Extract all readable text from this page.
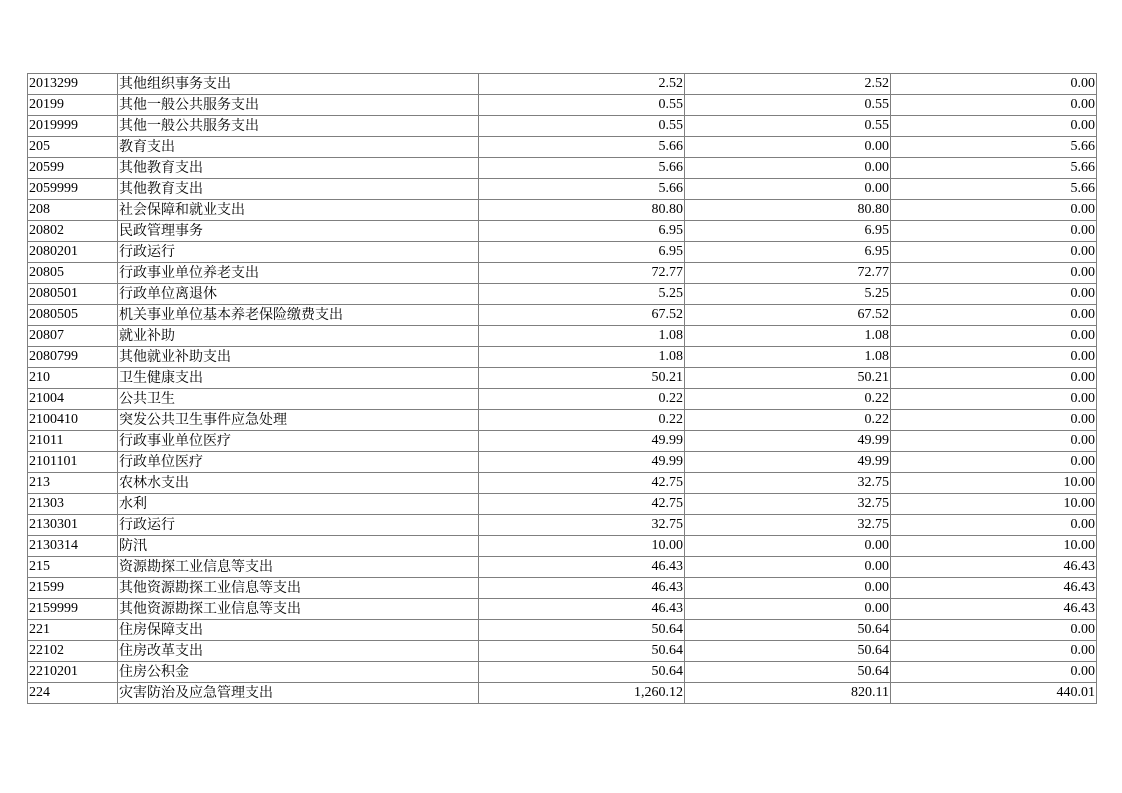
2013299	其他组织事务支出	2.52	2.52	0.00
20199	其他一般公共服务支出	0.55	0.55	0.00
2019999	其他一般公共服务支出	0.55	0.55	0.00
205	教育支出	5.66	0.00	5.66
20599	其他教育支出	5.66	0.00	5.66
2059999	其他教育支出	5.66	0.00	5.66
208	社会保障和就业支出	80.80	80.80	0.00
20802	民政管理事务	6.95	6.95	0.00
2080201	行政运行	6.95	6.95	0.00
20805	行政事业单位养老支出	72.77	72.77	0.00
2080501	行政单位离退休	5.25	5.25	0.00
2080505	机关事业单位基本养老保险缴费支出	67.52	67.52	0.00
20807	就业补助	1.08	1.08	0.00
2080799	其他就业补助支出	1.08	1.08	0.00
210	卫生健康支出	50.21	50.21	0.00
21004	公共卫生	0.22	0.22	0.00
2100410	突发公共卫生事件应急处理	0.22	0.22	0.00
21011	行政事业单位医疗	49.99	49.99	0.00
2101101	行政单位医疗	49.99	49.99	0.00
213	农林水支出	42.75	32.75	10.00
21303	水利	42.75	32.75	10.00
2130301	行政运行	32.75	32.75	0.00
2130314	防汛	10.00	0.00	10.00
215	资源勘探工业信息等支出	46.43	0.00	46.43
21599	其他资源勘探工业信息等支出	46.43	0.00	46.43
2159999	其他资源勘探工业信息等支出	46.43	0.00	46.43
221	住房保障支出	50.64	50.64	0.00
22102	住房改革支出	50.64	50.64	0.00
2210201	住房公积金	50.64	50.64	0.00
224	灾害防治及应急管理支出	1,260.12	820.11	440.01
